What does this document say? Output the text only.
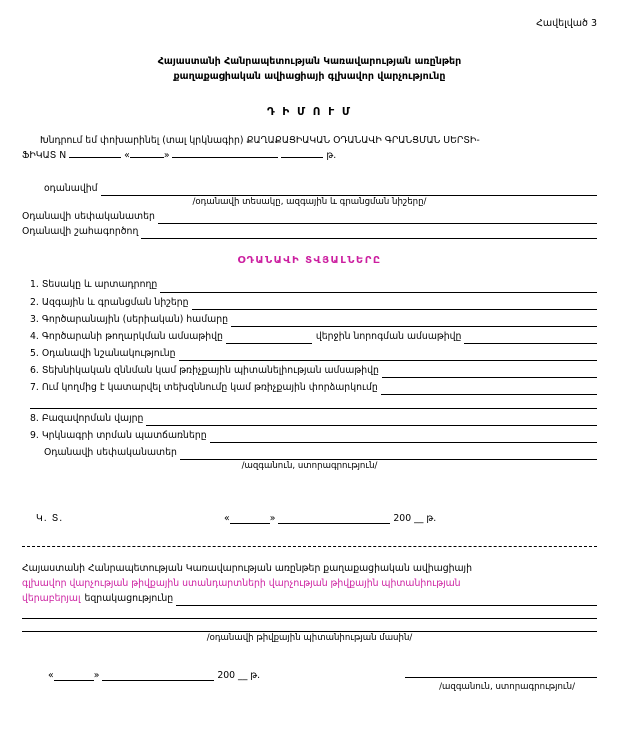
Հավելված 3
Հայաստանի Հանրապետության Կառավարության առընթեր
քաղաքացիական ավիացիայի գլխավոր վարչությունը
Դ Ի Մ Ո Ւ Մ
Խնդրում եմ փոխարինել (տալ կրկնագիր) ՔԱՂԱՔԱՑԻԱԿԱՆ ՕԴԱՆԱՎԻ ԳՐԱՆՑՄԱՆ ՍԵՐՏԻ-
ՖԻԿԱՏ N	«	»	թ.
օդանավիմ
/օդանավի տեսակը, ազգային և գրանցման նիշերը/
Օդանավի սեփականատեր
Օդանավի շահագործող
ՕԴԱՆԱՎԻ ՏՎՅԱԼՆԵՐԸ
1. Տեսակը և արտադրողը
2. Ազգային և գրանցման նիշերը
3. Գործարանային (սերիական) համարը
4. Գործարանի թողարկման ամսաթիվը	վերջին նորոգման ամսաթիվը
5. Օդանավի նշանակությունը
6. Տեխնիկական զննման կամ թռիչքային պիտանելիության ամսաթիվը
7. Ում կողմից է կատարվել տեխզննումը կամ թռիչքային փորձարկումը
8. Բազավորման վայրը
9. Կրկնագրի տրման պատճառները
Օդանավի սեփականատեր
/ազգանուն, ստորագրություն/
Կ. Տ.	«	»	200 __ թ.
Հայաստանի Հանրապետության Կառավարության առընթեր քաղաքացիական ավիացիայի
գլխավոր վարչության թիվքային ստանդարտների վարչության թիվքային պիտանիության
վերաբերյալ եզրակացությունը
/օդանավի թիվքային պիտանիության մասին/
«	»	200 __ թ.
/ազգանուն, ստորագրություն/
